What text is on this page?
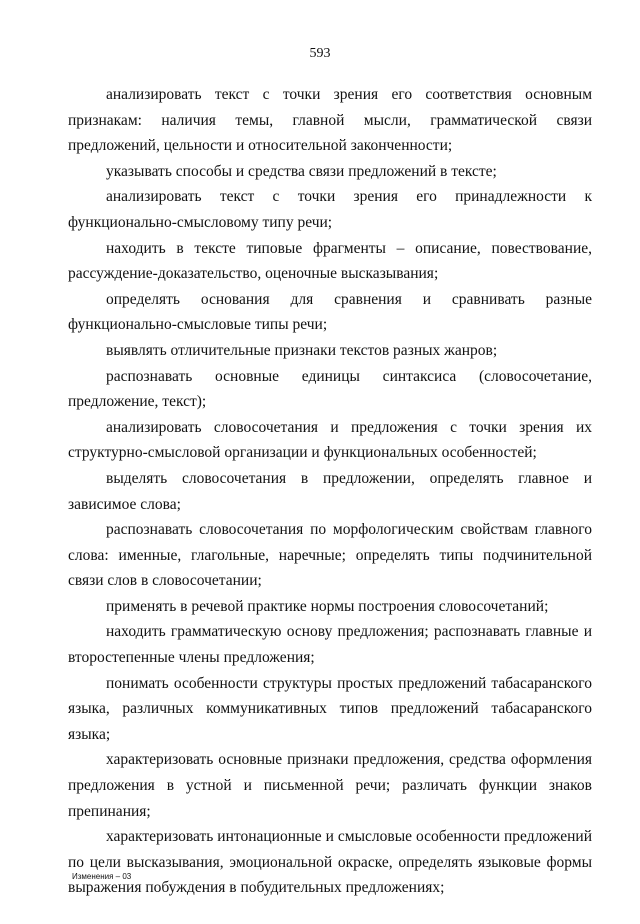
593

анализировать текст с точки зрения его соответствия основным признакам: наличия темы, главной мысли, грамматической связи предложений, цельности и относительной законченности;

указывать способы и средства связи предложений в тексте;

анализировать текст с точки зрения его принадлежности к функционально-смысловому типу речи;

находить в тексте типовые фрагменты – описание, повествование, рассуждение-доказательство, оценочные высказывания;

определять основания для сравнения и сравнивать разные функционально-смысловые типы речи;

выявлять отличительные признаки текстов разных жанров;

распознавать основные единицы синтаксиса (словосочетание, предложение, текст);

анализировать словосочетания и предложения с точки зрения их структурно-смысловой организации и функциональных особенностей;

выделять словосочетания в предложении, определять главное и зависимое слова;

распознавать словосочетания по морфологическим свойствам главного слова: именные, глагольные, наречные; определять типы подчинительной связи слов в словосочетании;

применять в речевой практике нормы построения словосочетаний;

находить грамматическую основу предложения; распознавать главные и второстепенные члены предложения;

понимать особенности структуры простых предложений табасаранского языка, различных коммуникативных типов предложений табасаранского языка;

характеризовать основные признаки предложения, средства оформления предложения в устной и письменной речи; различать функции знаков препинания;

характеризовать интонационные и смысловые особенности предложений по цели высказывания, эмоциональной окраске, определять языковые формы выражения побуждения в побудительных предложениях;

Изменения – 03
